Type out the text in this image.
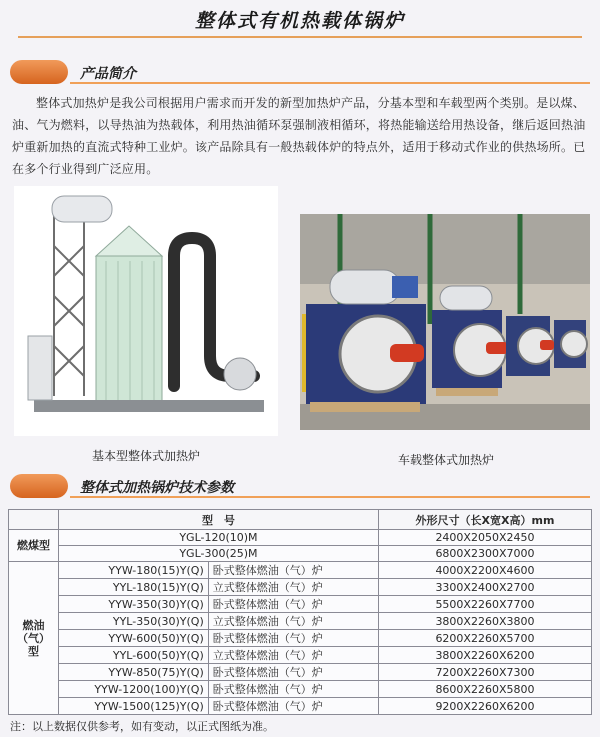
整体式有机热载体锅炉
产品简介
整体式加热炉是我公司根据用户需求而开发的新型加热炉产品，分基本型和车载型两个类别。是以煤、油、气为燃料，以导热油为热载体，利用热油循环泵强制液相循环，将热能输送给用热设备，继后返回热油炉重新加热的直流式特种工业炉。该产品除具有一般热载体炉的特点外，适用于移动式作业的供热场所。已在多个行业得到广泛应用。
基本型整体式加热炉	车载整体式加热炉
整体式加热锅炉技术参数
	型　号		外形尺寸（长X宽X高）mm
燃煤型	YGL-120(10)M		2400X2050X2450
	YGL-300(25)M		6800X2300X7000
燃油（气）型	YYW-180(15)Y(Q)	卧式整体燃油（气）炉	4000X2200X4600
	YYL-180(15)Y(Q)	立式整体燃油（气）炉	3300X2400X2700
	YYW-350(30)Y(Q)	卧式整体燃油（气）炉	5500X2260X7700
	YYL-350(30)Y(Q)	立式整体燃油（气）炉	3800X2260X3800
	YYW-600(50)Y(Q)	卧式整体燃油（气）炉	6200X2260X5700
	YYL-600(50)Y(Q)	立式整体燃油（气）炉	3800X2260X6200
	YYW-850(75)Y(Q)	卧式整体燃油（气）炉	7200X2260X7300
	YYW-1200(100)Y(Q)	卧式整体燃油（气）炉	8600X2260X5800
	YYW-1500(125)Y(Q)	卧式整体燃油（气）炉	9200X2260X6200
注：以上数据仅供参考，如有变动，以正式图纸为准。
